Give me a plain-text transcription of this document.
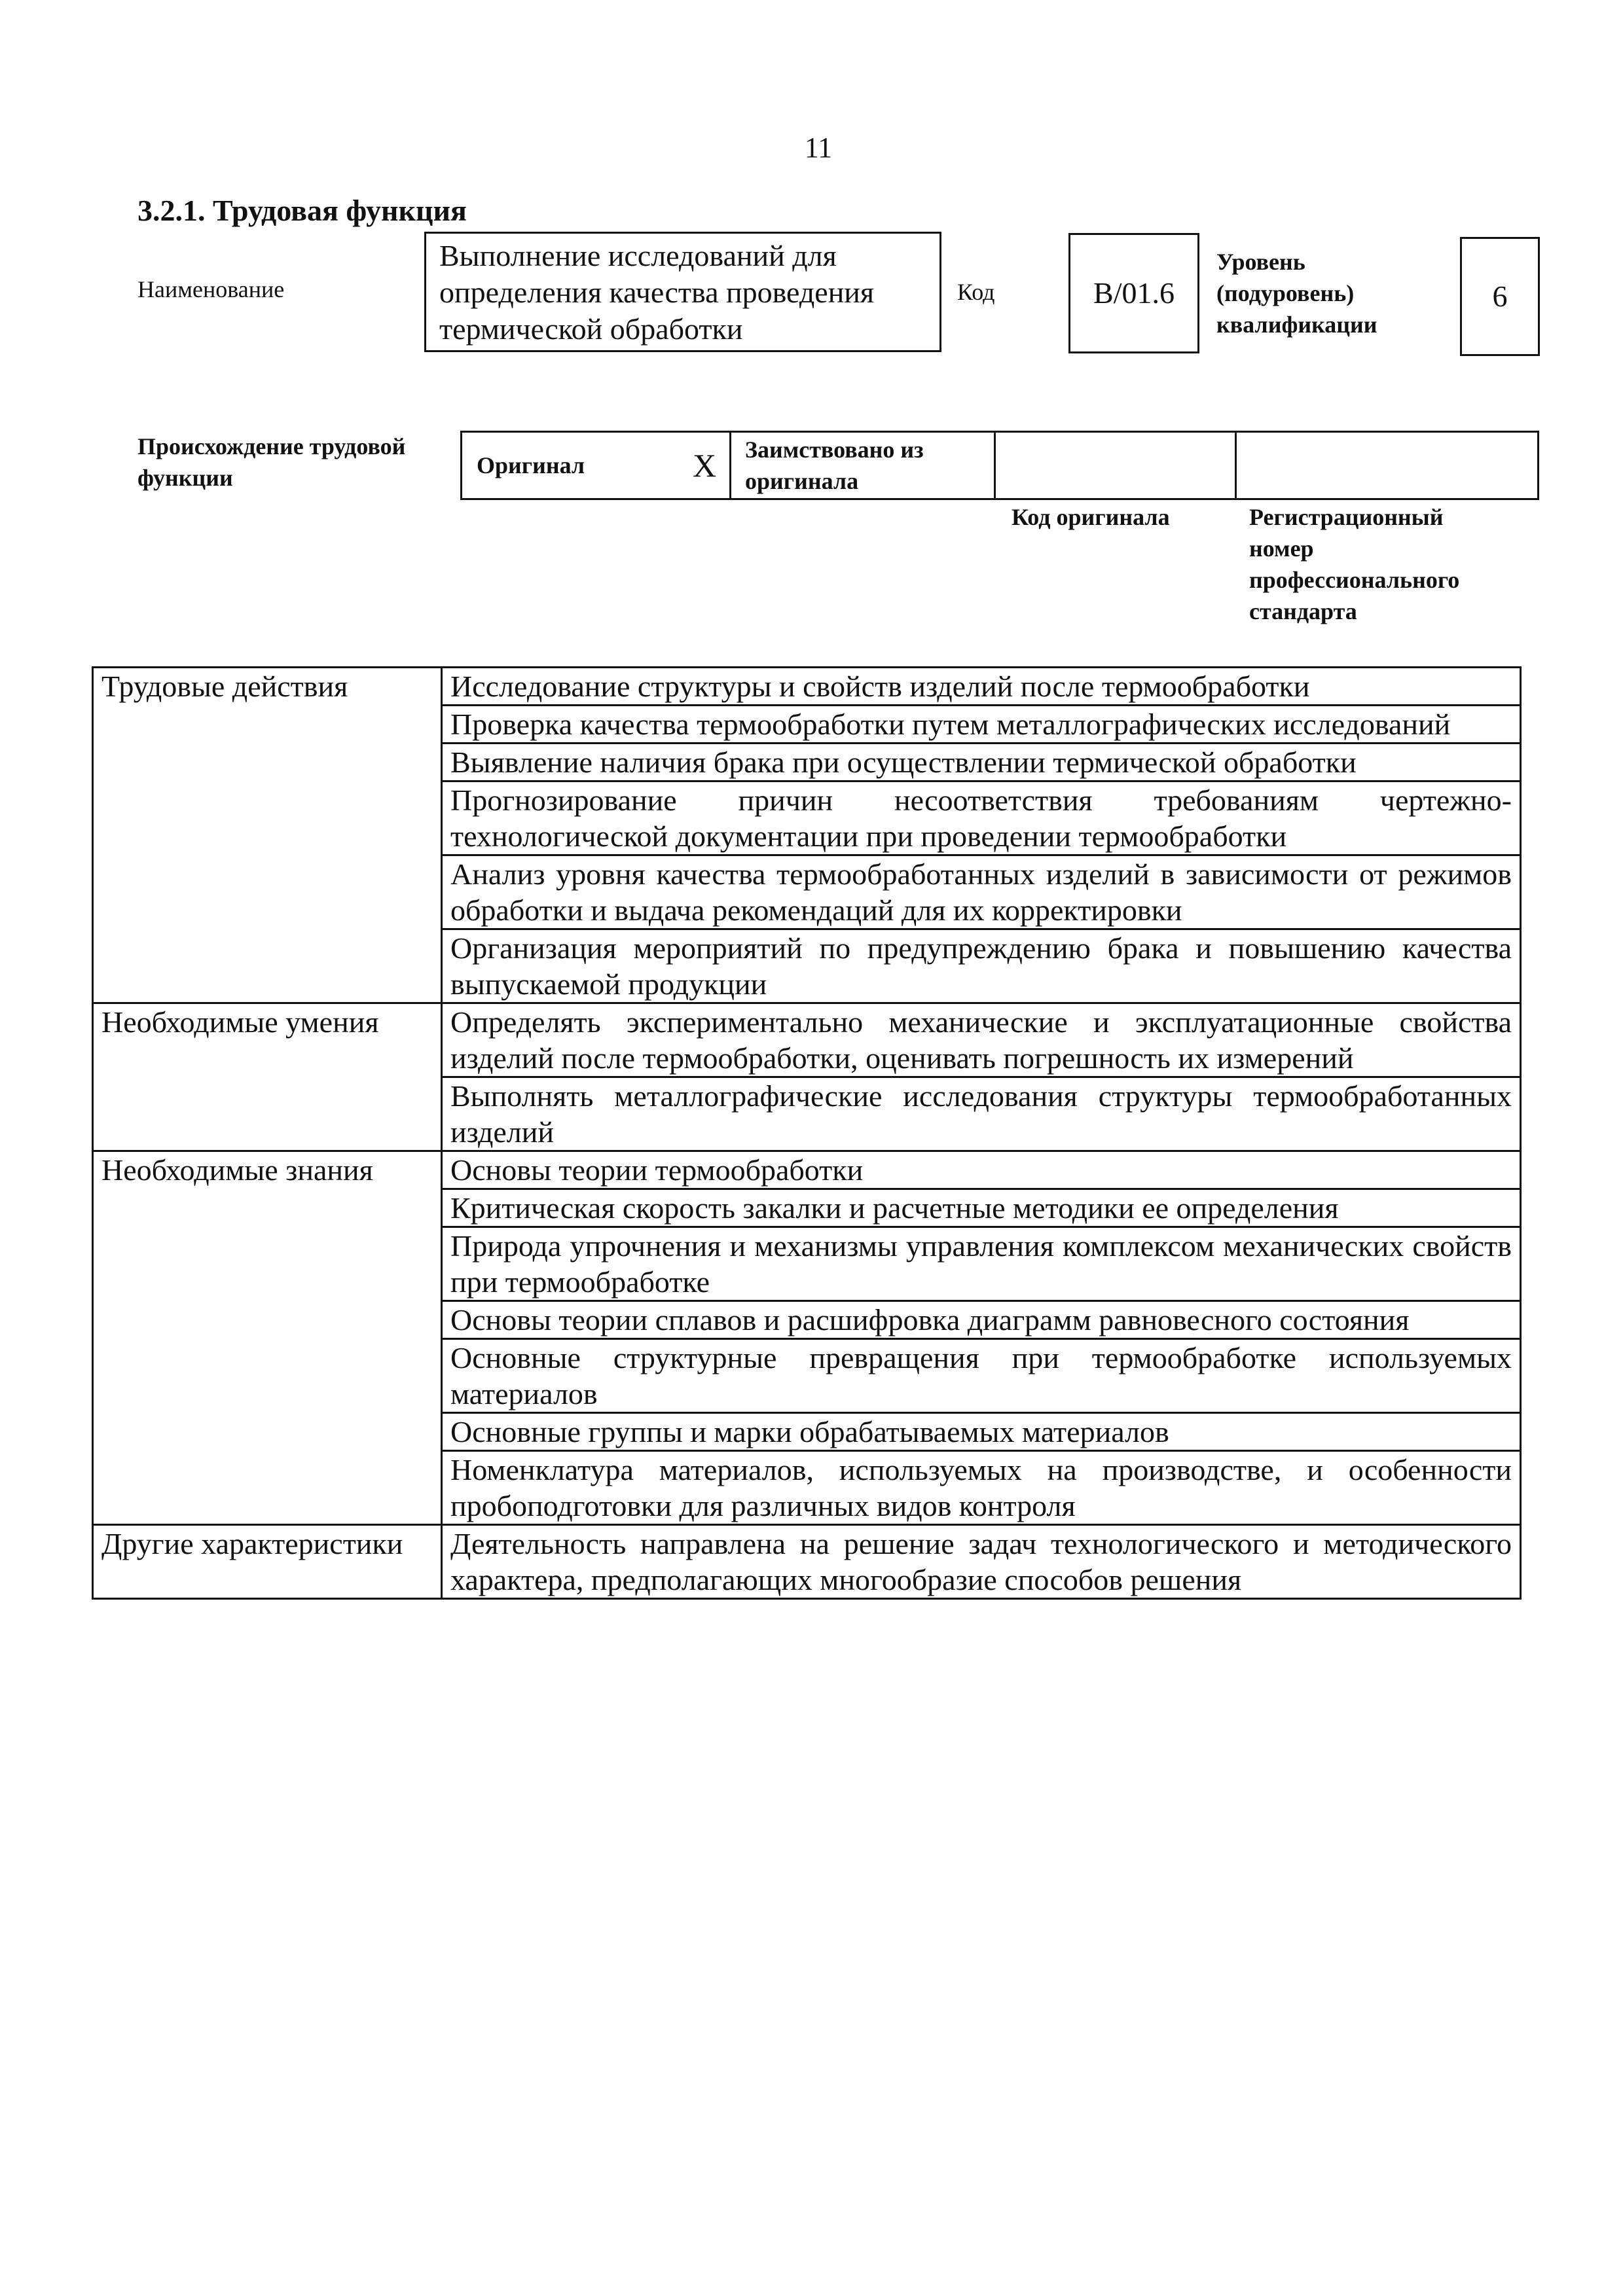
11
3.2.1. Трудовая функция
Наименование
Выполнение исследований для определения качества проведения термической обработки
Код	B/01.6
Уровень (подуровень) квалификации
6
Происхождение трудовой функции	Оригинал	X Заимствовано из оригинала
Код оригинала	Регистрационный номер профессионального стандарта
Трудовые действия	Исследование структуры и свойств изделий после термообработки
	Проверка качества термообработки путем металлографических исследований
	Выявление наличия брака при осуществлении термической обработки
	Прогнозирование причин несоответствия требованиям чертежно-технологической документации при проведении термообработки
	Анализ уровня качества термообработанных изделий в зависимости от режимов обработки и выдача рекомендаций для их корректировки
	Организация мероприятий по предупреждению брака и повышению качества выпускаемой продукции
Необходимые умения	Определять экспериментально механические и эксплуатационные свойства изделий после термообработки, оценивать погрешность их измерений
	Выполнять металлографические исследования структуры термообработанных изделий
Необходимые знания	Основы теории термообработки
	Критическая скорость закалки и расчетные методики ее определения
	Природа упрочнения и механизмы управления комплексом механических свойств при термообработке
	Основы теории сплавов и расшифровка диаграмм равновесного состояния
	Основные структурные превращения при термообработке используемых материалов
	Основные группы и марки обрабатываемых материалов
	Номенклатура материалов, используемых на производстве, и особенности пробоподготовки для различных видов контроля
Другие характеристики	Деятельность направлена на решение задач технологического и методического характера, предполагающих многообразие способов решения
